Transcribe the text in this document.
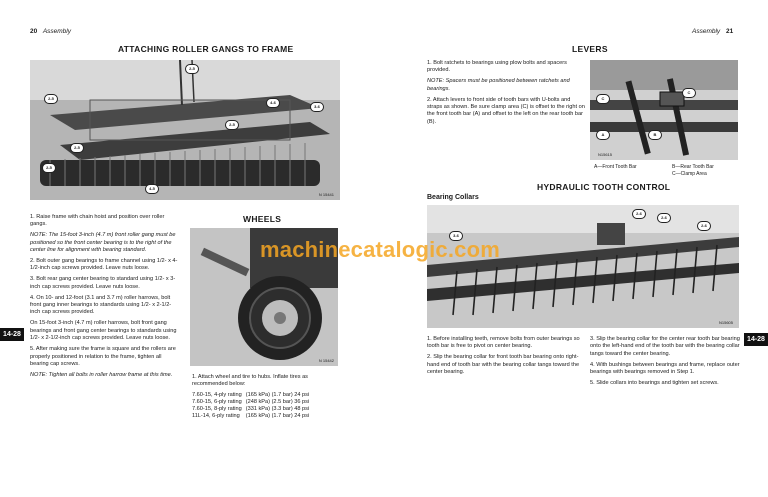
20 Assembly
ATTACHING ROLLER GANGS TO FRAME
2-5
2-5
4-6
3-6
2-5
2-5
2-5
4-5
N 15441

1. Raise frame with chain hoist and position over roller gangs.

NOTE: The 15-foot 3-inch (4.7 m) front roller gang must be positioned so the front center bearing is to the right of the center line for alignment with bearing standard.

2. Bolt outer gang bearings to frame channel using 1/2- x 4-1/2-inch cap screws provided. Leave nuts loose.

3. Bolt rear gang center bearing to standard using 1/2- x 3-inch cap screws provided. Leave nuts loose.

4. On 10- and 12-foot (3.1 and 3.7 m) roller harrows, bolt front gang inner bearings to standards using 1/2- x 2-1/2-inch cap screws provided.

On 15-foot 3-inch (4.7 m) roller harrows, bolt front gang bearings and front gang center bearings to standards using 1/2- x 2-1/2-inch cap screws provided. Leave nuts loose.

5. After making sure the frame is square and the rollers are properly positioned in relation to the frame, tighten all bearing cap screws.

NOTE: Tighten all bolts in roller harrow frame at this time.

14-28
WHEELS
N 15442

1. Attach wheel and tire to hubs. Inflate tires as recommended below:

7.60-15, 4-ply rating	(165 kPa) (1.7 bar) 24 psi
7.60-15, 6-ply rating	(248 kPa) (2.5 bar) 36 psi
7.60-15, 8-ply rating	(331 kPa) (3.3 bar) 48 psi
11L-14, 6-ply rating	(165 kPa) (1.7 bar) 24 psi
Assembly 21
LEVERS

1. Bolt ratchets to bearings using plow bolts and spacers provided.

NOTE: Spacers must be positioned between ratchets and bearings.

2. Attach levers to front side of tooth bars with U-bolts and straps as shown. Be sure clamp area (C) is offset to the right on the front tooth bar (A) and offset to the left on the rear tooth bar (B).

C
A	B
C
N15615
A—Front Tooth Bar	B—Rear Tooth Bar
C—Clamp Area
HYDRAULIC TOOTH CONTROL
Bearing Collars
3-6
2-6
2-6
2-6
N15605

1. Before installing teeth, remove bolts from outer bearings so tooth bar is free to pivot on center bearing.

2. Slip the bearing collar for front tooth bar bearing onto right-hand end of tooth bar with the bearing collar tangs toward the center bearing.

3. Slip the bearing collar for the center rear tooth bar bearing onto the left-hand end of the tooth bar with the bearing collar tangs toward the center bearing.

4. With bushings between bearings and frame, replace outer bearings with bearings removed in Step 1.

5. Slide collars into bearings and tighten set screws.

14-28
machinecatalogic.com
